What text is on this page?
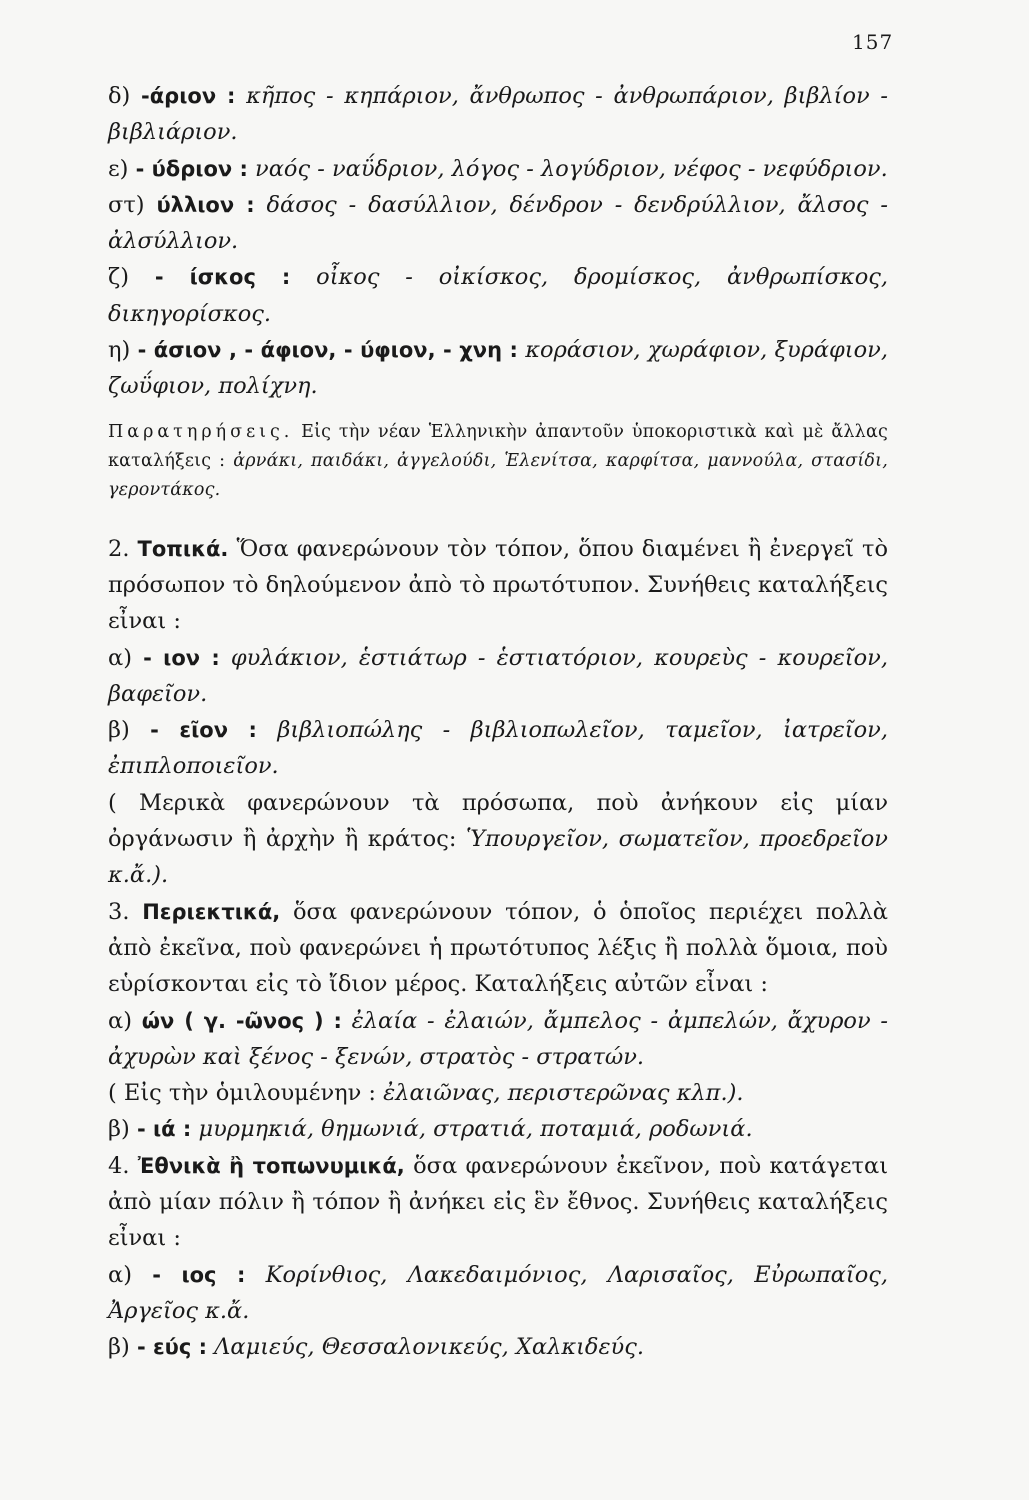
157

δ) -άριον : κῆπος - κηπάριον, ἄνθρωπος - ἀνθρωπάριον, βιβλίον - βιβλιάριον.

ε) - ύδριον : ναός - ναΰδριον, λόγος - λογύδριον, νέφος - νεφύδριον.

στ) ύλλιον : δάσος - δασύλλιον, δένδρον - δενδρύλλιον, ἄλσος - ἀλσύλλιον.

ζ) - ίσκος : οἶκος - οἰκίσκος, δρομίσκος, ἀνθρωπίσκος, δικηγορίσκος.

η) - άσιον , - άφιον, - ύφιον, - χνη : κοράσιον, χωράφιον, ξυράφιον, ζωΰφιον, πολίχνη.

Παρατηρήσεις. Εἰς τὴν νέαν Ἑλληνικὴν ἀπαντοῦν ὑποκοριστικὰ καὶ μὲ ἄλλας καταλήξεις : ἀρνάκι, παιδάκι, ἀγγελούδι, Ἑλενίτσα, καρφίτσα, μαννούλα, στασίδι, γεροντάκος.

2. Τοπικά. Ὅσα φανερώνουν τὸν τόπον, ὅπου διαμένει ἢ ἐνεργεῖ τὸ πρόσωπον τὸ δηλούμενον ἀπὸ τὸ πρωτότυπον. Συνήθεις καταλήξεις εἶναι :

α) - ιον : φυλάκιον, ἑστιάτωρ - ἑστιατόριον, κουρεὺς - κουρεῖον, βαφεῖον.

β) - εῖον : βιβλιοπώλης - βιβλιοπωλεῖον, ταμεῖον, ἰατρεῖον, ἐπιπλοποιεῖον.

( Μερικὰ φανερώνουν τὰ πρόσωπα, ποὺ ἀνήκουν εἰς μίαν ὀργάνωσιν ἢ ἀρχὴν ἢ κράτος: Ὑπουργεῖον, σωματεῖον, προεδρεῖον κ.ἄ.).

3. Περιεκτικά, ὅσα φανερώνουν τόπον, ὁ ὁποῖος περιέχει πολλὰ ἀπὸ ἐκεῖνα, ποὺ φανερώνει ἡ πρωτότυπος λέξις ἢ πολλὰ ὅμοια, ποὺ εὑρίσκονται εἰς τὸ ἴδιον μέρος. Καταλήξεις αὐτῶν εἶναι :

α) ών ( γ. -ῶνος ) : ἐλαία - ἐλαιών, ἄμπελος - ἀμπελών, ἄχυρον - ἀχυρὼν καὶ ξένος - ξενών, στρατὸς - στρατών.

( Εἰς τὴν ὁμιλουμένην : ἐλαιῶνας, περιστερῶνας κλπ.).

β) - ιά : μυρμηκιά, θημωνιά, στρατιά, ποταμιά, ροδωνιά.

4. Ἐθνικὰ ἢ τοπωνυμικά, ὅσα φανερώνουν ἐκεῖνον, ποὺ κατάγεται ἀπὸ μίαν πόλιν ἢ τόπον ἢ ἀνήκει εἰς ἓν ἔθνος. Συνήθεις καταλήξεις εἶναι :

α) - ιος : Κορίνθιος, Λακεδαιμόνιος, Λαρισαῖος, Εὐρωπαῖος, Ἀργεῖος κ.ἄ.

β) - εύς : Λαμιεύς, Θεσσαλονικεύς, Χαλκιδεύς.
